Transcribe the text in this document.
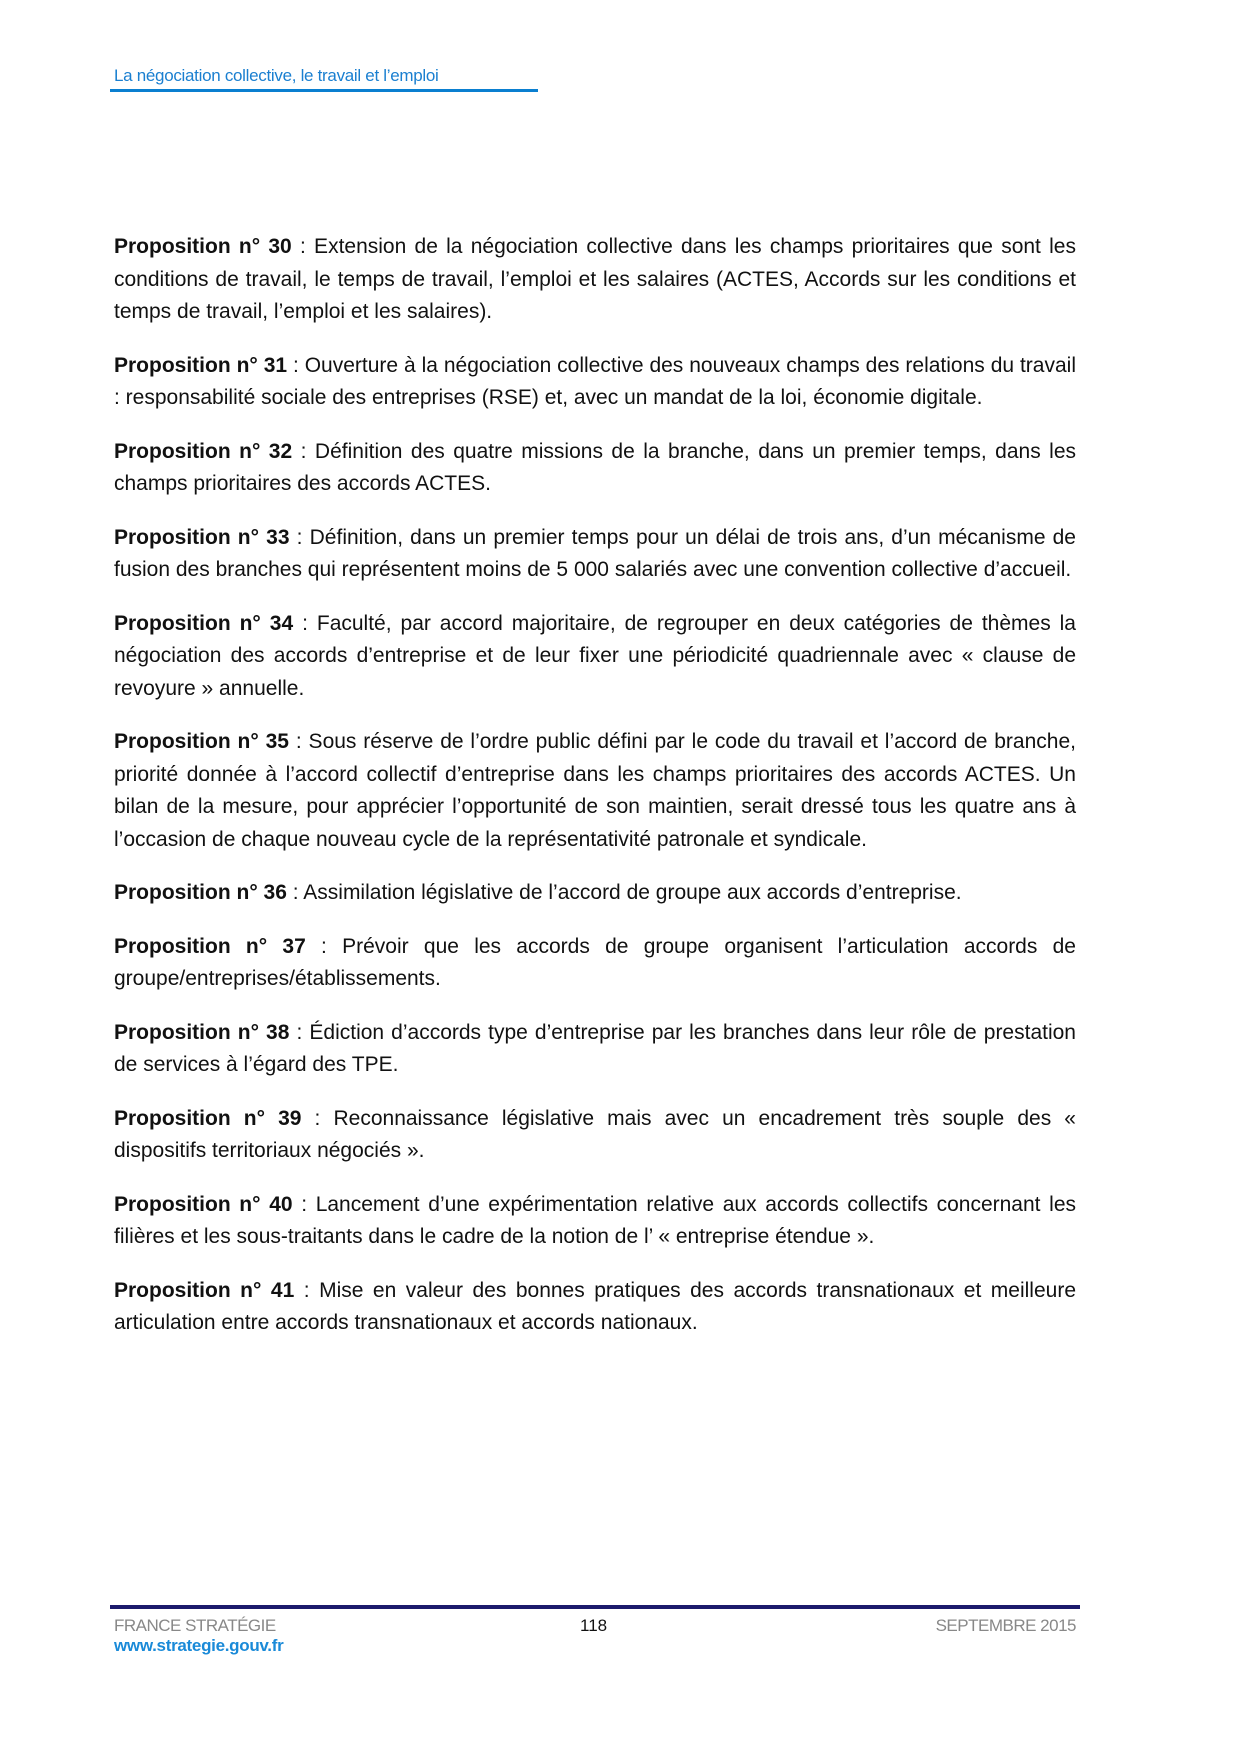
La négociation collective, le travail et l’emploi

Proposition n° 30 : Extension de la négociation collective dans les champs prioritaires que sont les conditions de travail, le temps de travail, l’emploi et les salaires (ACTES, Accords sur les conditions et temps de travail, l’emploi et les salaires).

Proposition n° 31 : Ouverture à la négociation collective des nouveaux champs des relations du travail : responsabilité sociale des entreprises (RSE) et, avec un mandat de la loi, économie digitale.

Proposition n° 32 : Définition des quatre missions de la branche, dans un premier temps, dans les champs prioritaires des accords ACTES.

Proposition n° 33 : Définition, dans un premier temps pour un délai de trois ans, d’un mécanisme de fusion des branches qui représentent moins de 5 000 salariés avec une convention collective d’accueil.

Proposition n° 34 : Faculté, par accord majoritaire, de regrouper en deux catégories de thèmes la négociation des accords d’entreprise et de leur fixer une périodicité quadriennale avec « clause de revoyure » annuelle.

Proposition n° 35 : Sous réserve de l’ordre public défini par le code du travail et l’accord de branche, priorité donnée à l’accord collectif d’entreprise dans les champs prioritaires des accords ACTES. Un bilan de la mesure, pour apprécier l’opportunité de son maintien, serait dressé tous les quatre ans à l’occasion de chaque nouveau cycle de la représentativité patronale et syndicale.

Proposition n° 36 : Assimilation législative de l’accord de groupe aux accords d’entreprise.

Proposition n° 37 : Prévoir que les accords de groupe organisent l’articulation accords de groupe/entreprises/établissements.

Proposition n° 38 : Édiction d’accords type d’entreprise par les branches dans leur rôle de prestation de services à l’égard des TPE.

Proposition n° 39 : Reconnaissance législative mais avec un encadrement très souple des « dispositifs territoriaux négociés ».

Proposition n° 40 : Lancement d’une expérimentation relative aux accords collectifs concernant les filières et les sous-traitants dans le cadre de la notion de l’ « entreprise étendue ».

Proposition n° 41 : Mise en valeur des bonnes pratiques des accords transnationaux et meilleure articulation entre accords transnationaux et accords nationaux.

FRANCE STRATÉGIE
www.strategie.gouv.fr
118	SEPTEMBRE 2015
